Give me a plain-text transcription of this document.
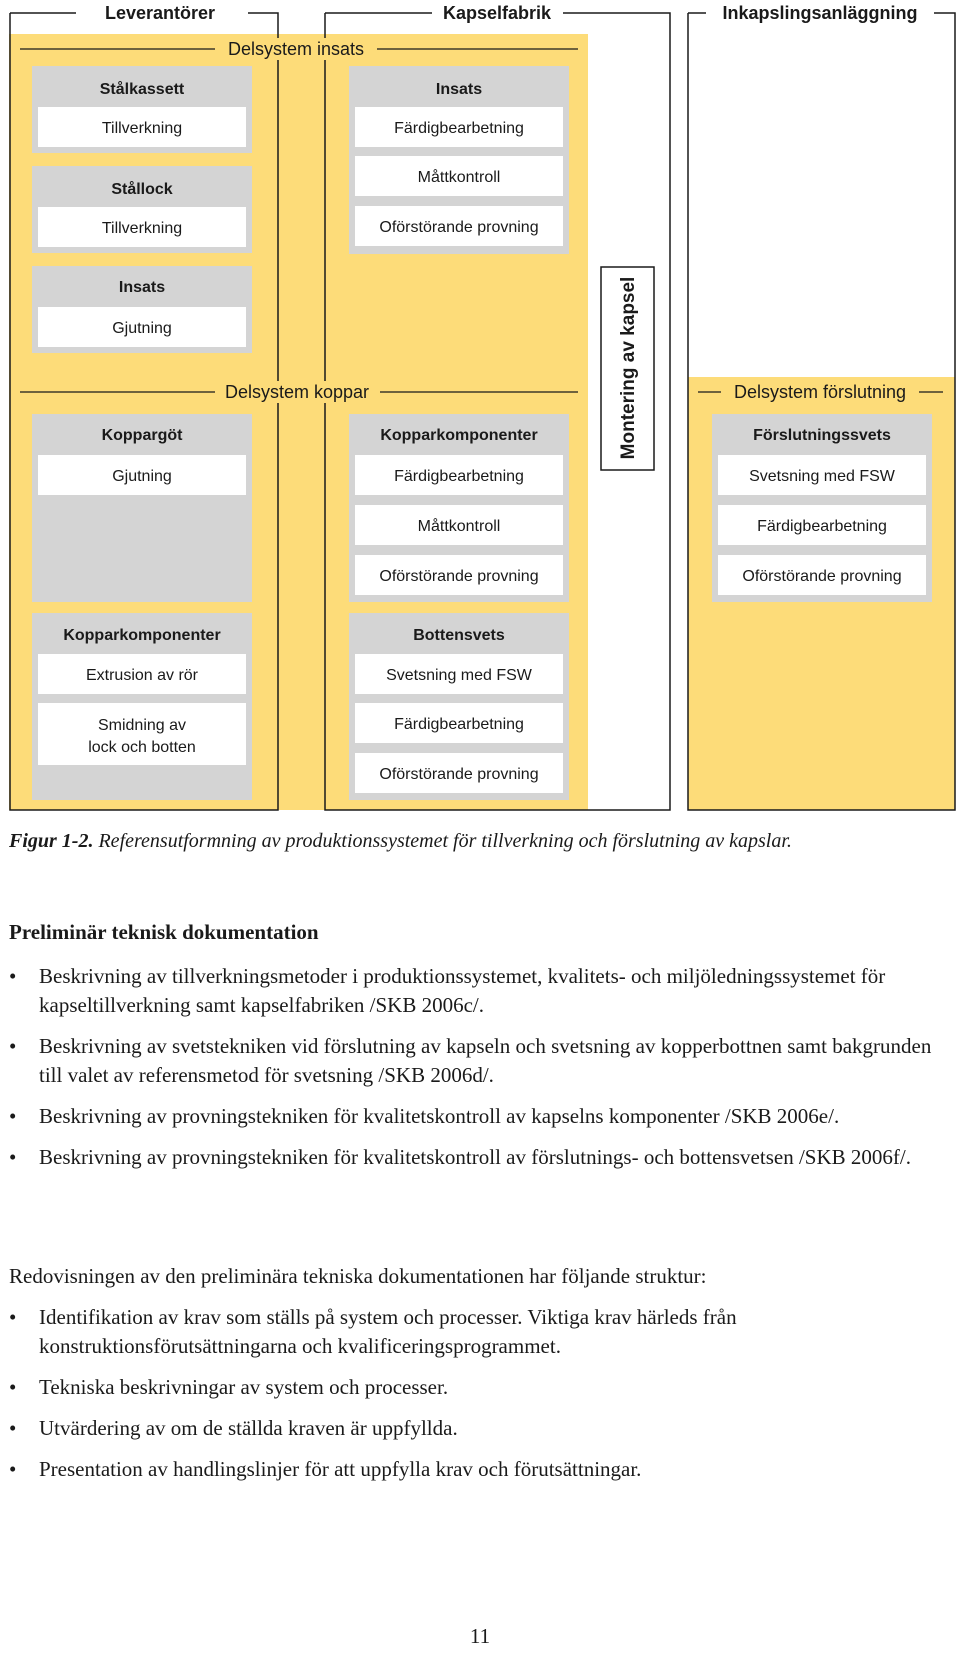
Leverantörer	Kapselfabrik	Inkapslingsanläggning
Delsystem insats
Delsystem koppar	Delsystem förslutning
Montering av kapsel
Stålkassett
Tillverkning
Stållock
Tillverkning
Insats
Gjutning
Koppargöt
Gjutning
Kopparkomponenter
Extrusion av rör
Smidning av
lock och botten
Insats
Färdigbearbetning
Måttkontroll
Oförstörande provning
Kopparkomponenter
Färdigbearbetning
Måttkontroll
Oförstörande provning
Bottensvets
Svetsning med FSW
Färdigbearbetning
Oförstörande provning
Förslutningssvets
Svetsning med FSW
Färdigbearbetning
Oförstörande provning
Figur 1-2. Referensutformning av produktionssystemet för tillverkning och förslutning av kapslar.
Preliminär teknisk dokumentation
• Beskrivning av tillverkningsmetoder i produktionssystemet, kvalitets- och miljöledningssystemet för kapseltillverkning samt kapselfabriken /SKB 2006c/.
• Beskrivning av svetstekniken vid förslutning av kapseln och svetsning av kopperbottnen samt bakgrunden till valet av referensmetod för svetsning /SKB 2006d/.
• Beskrivning av provningstekniken för kvalitetskontroll av kapselns komponenter /SKB 2006e/.
• Beskrivning av provningstekniken för kvalitetskontroll av förslutnings- och bottensvetsen /SKB 2006f/.
Redovisningen av den preliminära tekniska dokumentationen har följande struktur:
• Identifikation av krav som ställs på system och processer. Viktiga krav härleds från konstruktionsförutsättningarna och kvalificeringsprogrammet.
• Tekniska beskrivningar av system och processer.
• Utvärdering av om de ställda kraven är uppfyllda.
• Presentation av handlingslinjer för att uppfylla krav och förutsättningar.
11
